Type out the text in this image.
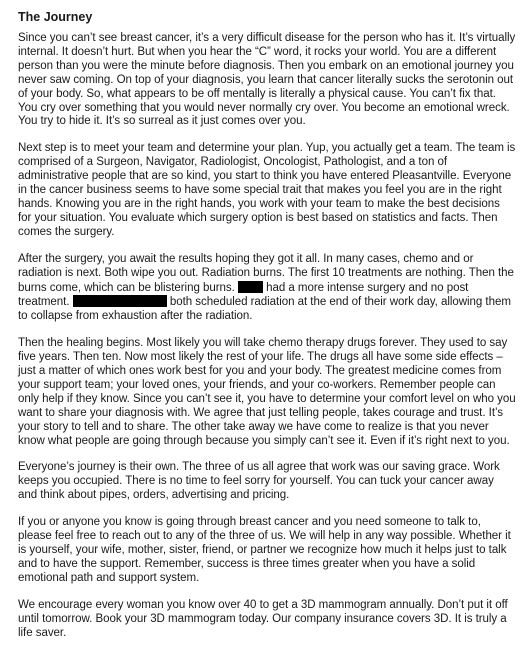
The Journey

Since you can’t see breast cancer, it’s a very difficult disease for the person who has it. It’s virtually internal. It doesn’t hurt. But when you hear the “C” word, it rocks your world. You are a different person than you were the minute before diagnosis. Then you embark on an emotional journey you never saw coming. On top of your diagnosis, you learn that cancer literally sucks the serotonin out of your body. So, what appears to be off mentally is literally a physical cause. You can’t fix that. You cry over something that you would never normally cry over. You become an emotional wreck. You try to hide it. It’s so surreal as it just comes over you.

Next step is to meet your team and determine your plan. Yup, you actually get a team. The team is comprised of a Surgeon, Navigator, Radiologist, Oncologist, Pathologist, and a ton of administrative people that are so kind, you start to think you have entered Pleasantville. Everyone in the cancer business seems to have some special trait that makes you feel you are in the right hands. Knowing you are in the right hands, you work with your team to make the best decisions for your situation. You evaluate which surgery option is best based on statistics and facts. Then comes the surgery.

After the surgery, you await the results hoping they got it all. In many cases, chemo and or radiation is next. Both wipe you out. Radiation burns. The first 10 treatments are nothing. Then the burns come, which can be blistering burns.	had a more intense surgery and no post treatment.	both scheduled radiation at the end of their work day, allowing them to collapse from exhaustion after the radiation.

Then the healing begins. Most likely you will take chemo therapy drugs forever. They used to say five years. Then ten. Now most likely the rest of your life. The drugs all have some side effects – just a matter of which ones work best for you and your body. The greatest medicine comes from your support team; your loved ones, your friends, and your co-workers. Remember people can only help if they know. Since you can’t see it, you have to determine your comfort level on who you want to share your diagnosis with. We agree that just telling people, takes courage and trust. It’s your story to tell and to share. The other take away we have come to realize is that you never know what people are going through because you simply can’t see it. Even if it’s right next to you.

Everyone’s journey is their own. The three of us all agree that work was our saving grace. Work keeps you occupied. There is no time to feel sorry for yourself. You can tuck your cancer away and think about pipes, orders, advertising and pricing.

If you or anyone you know is going through breast cancer and you need someone to talk to, please feel free to reach out to any of the three of us. We will help in any way possible. Whether it is yourself, your wife, mother, sister, friend, or partner we recognize how much it helps just to talk and to have the support. Remember, success is three times greater when you have a solid emotional path and support system.

We encourage every woman you know over 40 to get a 3D mammogram annually. Don’t put it off until tomorrow. Book your 3D mammogram today. Our company insurance covers 3D. It is truly a life saver.
